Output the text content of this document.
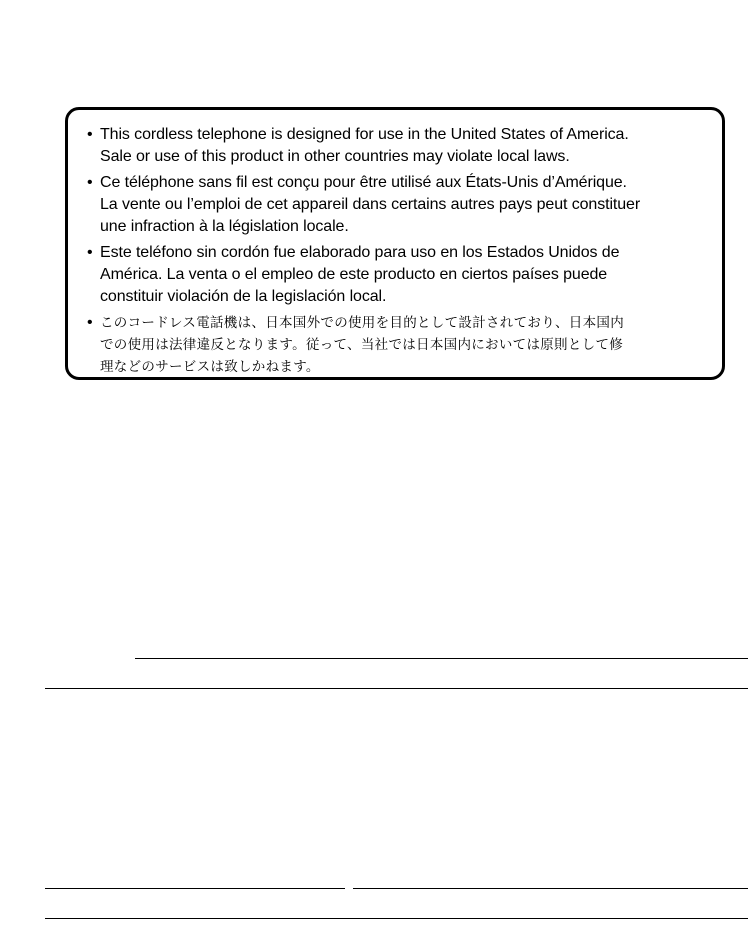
• This cordless telephone is designed for use in the United States of America.
Sale or use of this product in other countries may violate local laws.
• Ce téléphone sans fil est conçu pour être utilisé aux États-Unis d’Amérique.
La vente ou l’emploi de cet appareil dans certains autres pays peut constituer
une infraction à la législation locale.
• Este teléfono sin cordón fue elaborado para uso en los Estados Unidos de
América. La venta o el empleo de este producto en ciertos países puede
constituir violación de la legislación local.
• このコードレス電話機は、日本国外での使用を目的として設計されており、日本国内
での使用は法律違反となります。従って、当社では日本国内においては原則として修
理などのサービスは致しかねます。
